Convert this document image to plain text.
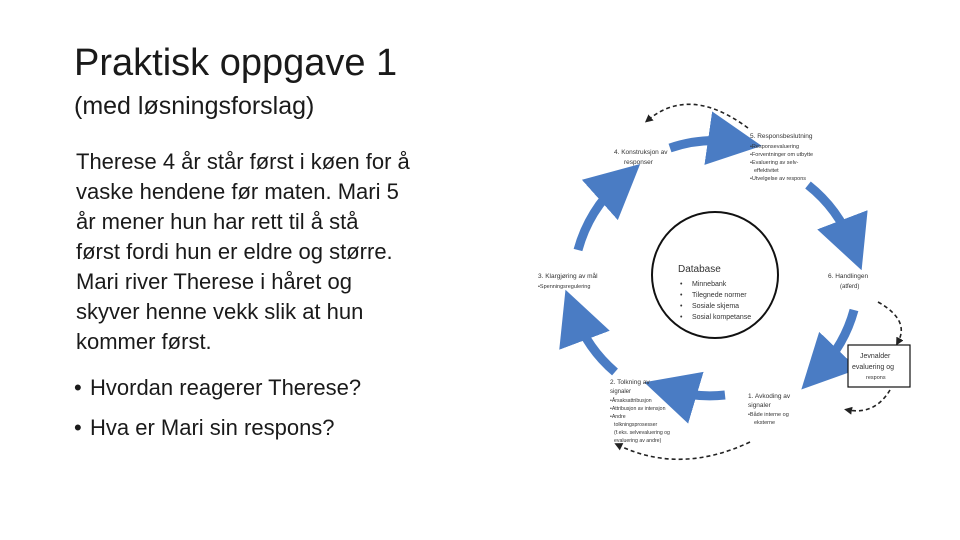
Praktisk oppgave 1
(med løsningsforslag)
Therese 4 år står først i køen for å
vaske hendene før maten. Mari 5
år mener hun har rett til å stå
først fordi hun er eldre og større.
Mari river Therese i håret og
skyver henne vekk slik at hun
kommer først.
• Hvordan reagerer Therese?
• Hva er Mari sin respons?
Database
• Minnebank
• Tilegnede normer
• Sosiale skjema
• Sosial kompetanse
5. Responsbeslutning
•Responsevaluering
•Forventninger om utbytte
•Evaluering av selv-
effektivitet
•Utvelgelse av respons
4. Konstruksjon av
responser
3. Klargjøring av mål
•Spenningsregulering
6. Handlingen
(atferd)
Jevnalder
evaluering og
respons
2. Tolkning av
signaler
•Årsaksattribusjon
•Attribusjon av intensjon
•Andre
tolkningsprosesser
(f.eks. selvevaluering og
evaluering av andre)
1. Avkoding av
signaler
•Både interne og
eksterne
